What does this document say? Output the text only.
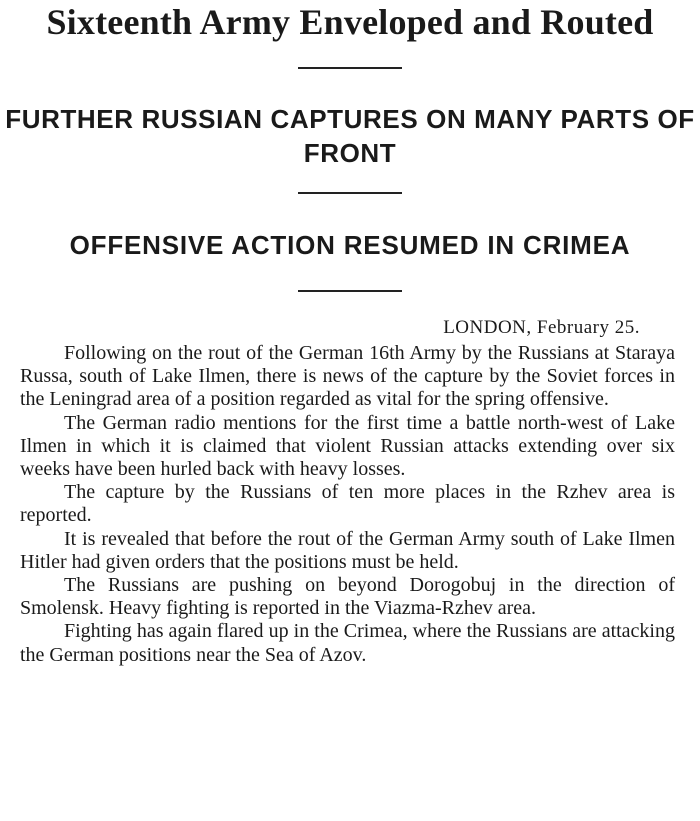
Sixteenth Army Enveloped and Routed
FURTHER RUSSIAN CAPTURES ON MANY PARTS OF FRONT
OFFENSIVE ACTION RESUMED IN CRIMEA
LONDON, February 25.

Following on the rout of the German 16th Army by the Russians at Staraya Russa, south of Lake Ilmen, there is news of the capture by the Soviet forces in the Leningrad area of a position regarded as vital for the spring offensive.

The German radio mentions for the first time a battle north-west of Lake Ilmen in which it is claimed that violent Russian attacks extending over six weeks have been hurled back with heavy losses.

The capture by the Russians of ten more places in the Rzhev area is reported.

It is revealed that before the rout of the German Army south of Lake Ilmen Hitler had given orders that the positions must be held.

The Russians are pushing on beyond Dorogobuj in the direction of Smolensk. Heavy fighting is reported in the Viazma-Rzhev area.

Fighting has again flared up in the Crimea, where the Russians are attacking the German positions near the Sea of Azov.
